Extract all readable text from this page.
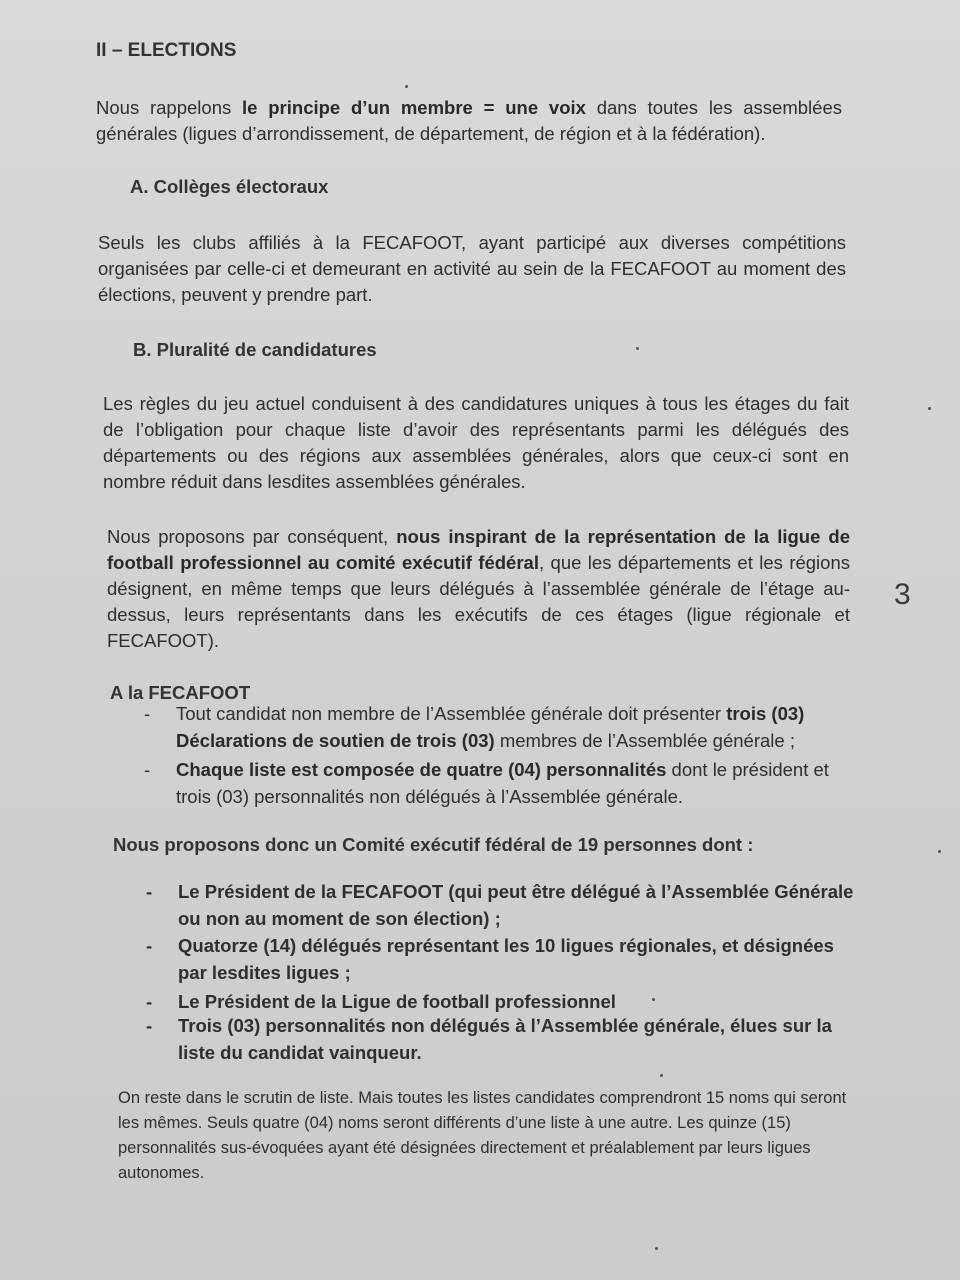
II – ELECTIONS

Nous rappelons le principe d’un membre = une voix dans toutes les assemblées générales (ligues d’arrondissement, de département, de région et à la fédération).

A. Collèges électoraux

Seuls les clubs affiliés à la FECAFOOT, ayant participé aux diverses compétitions organisées par celle-ci et demeurant en activité au sein de la FECAFOOT au moment des élections, peuvent y prendre part.

B. Pluralité de candidatures

Les règles du jeu actuel conduisent à des candidatures uniques à tous les étages du fait de l’obligation pour chaque liste d’avoir des représentants parmi les délégués des départements ou des régions aux assemblées générales, alors que ceux-ci sont en nombre réduit dans lesdites assemblées générales.

Nous proposons par conséquent, nous inspirant de la représentation de la ligue de football professionnel au comité exécutif fédéral, que les départements et les régions désignent, en même temps que leurs délégués à l’assemblée générale de l’étage au-dessus, leurs représentants dans les exécutifs de ces étages (ligue régionale et FECAFOOT).

3
A la FECAFOOT
- Tout candidat non membre de l’Assemblée générale doit présenter trois (03) Déclarations de soutien de trois (03) membres de l’Assemblée générale ;
- Chaque liste est composée de quatre (04) personnalités dont le président et trois (03) personnalités non délégués à l’Assemblée générale.
Nous proposons donc un Comité exécutif fédéral de 19 personnes dont :
- Le Président de la FECAFOOT (qui peut être délégué à l’Assemblée Générale ou non au moment de son élection) ;
- Quatorze (14) délégués représentant les 10 ligues régionales, et désignées par lesdites ligues ;
- Le Président de la Ligue de football professionnel
- Trois (03) personnalités non délégués à l’Assemblée générale, élues sur la liste du candidat vainqueur.

On reste dans le scrutin de liste. Mais toutes les listes candidates comprendront 15 noms qui seront les mêmes. Seuls quatre (04) noms seront différents d’une liste à une autre. Les quinze (15) personnalités sus-évoquées ayant été désignées directement et préalablement par leurs ligues autonomes.
